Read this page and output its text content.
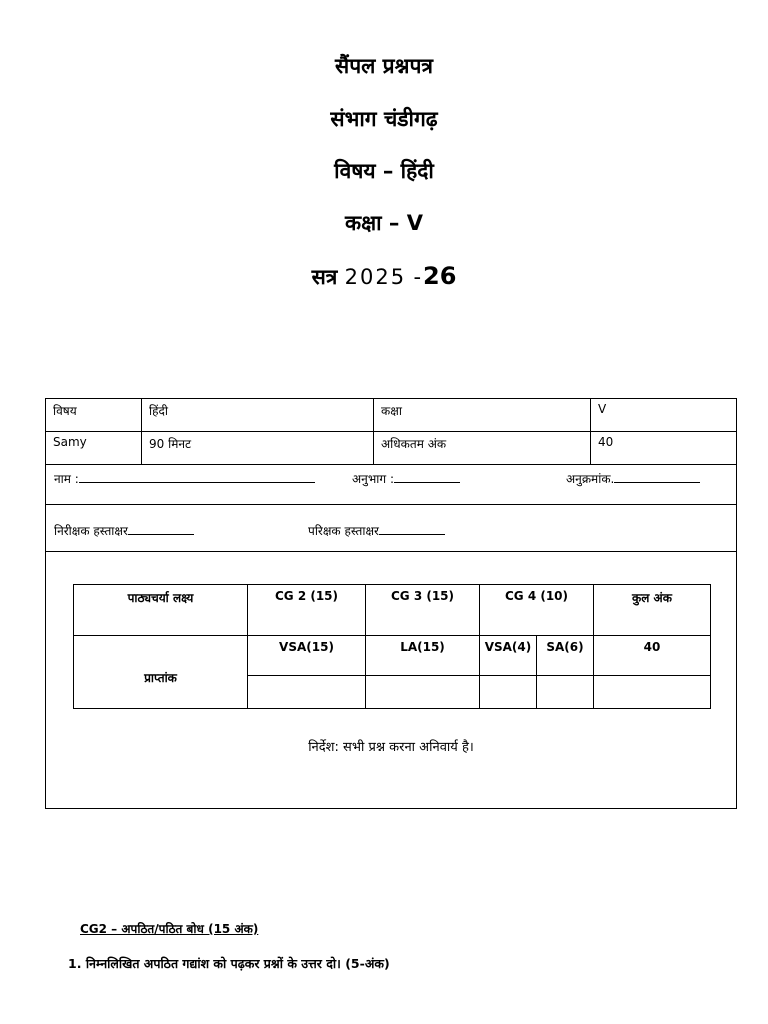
सैंपल प्रश्नपत्र
संभाग चंडीगढ़
विषय – हिंदी
कक्षा – V
सत्र 2025 -26
विषय	हिंदी	कक्षा	V
Samy	90 मिनट	अधिकतम अंक	40
नाम :	अनुभाग :	अनुक्रमांक.
निरीक्षक हस्ताक्षर	परिक्षक हस्ताक्षर
पाठ्यचर्या लक्ष्य	CG 2 (15)	CG 3 (15)	CG 4 (10)		कुल अंक
प्राप्तांक	VSA(15)	LA(15)	VSA(4)	SA(6)	40

निर्देश: सभी प्रश्न करना अनिवार्य है।
CG2 – अपठित/पठित बोध (15 अंक)
1. निम्नलिखित अपठित गद्यांश को पढ़कर प्रश्नों के उत्तर दो। (5-अंक)
